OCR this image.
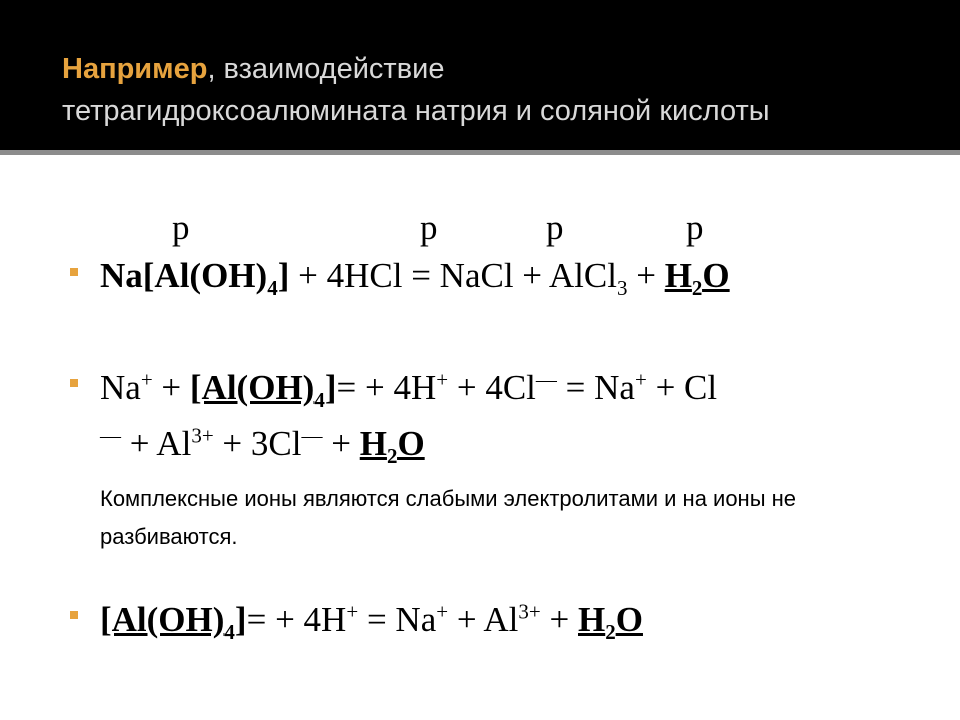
Например, взаимодействие
тетрагидроксоалюмината натрия и соляной кислоты
р	р	р	р
$Na[Al(OH)_4] + 4HCl$ = NaCl + AlCl$_3$ + $H_2O$
$Na^+ + [Al(OH)_4]= + 4H^+ + 4Cl^— = Na^+ + Cl$
$^— + Al^{3+} + 3Cl^— + H_2O$
Комплексные ионы являются слабыми электролитами и на ионы не разбиваются.
$[Al(OH)_4]= + 4H^+ = Na^+ + Al^{3+} + H_2O$
